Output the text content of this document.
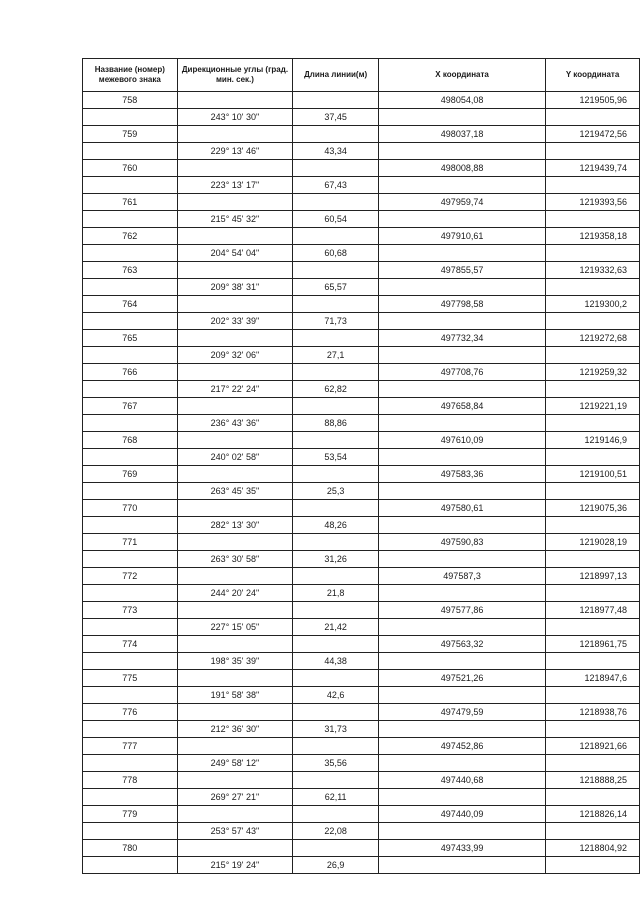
Название (номер) межевого знака	Дирекционные углы (град. мин. сек.)	Длина линии(м)	X координата	Y координата
758			498054,08	1219505,96
	243° 10' 30"	37,45		
759			498037,18	1219472,56
	229° 13' 46"	43,34		
760			498008,88	1219439,74
	223° 13' 17"	67,43		
761			497959,74	1219393,56
	215° 45' 32"	60,54		
762			497910,61	1219358,18
	204° 54' 04"	60,68		
763			497855,57	1219332,63
	209° 38' 31"	65,57		
764			497798,58	1219300,2
	202° 33' 39"	71,73		
765			497732,34	1219272,68
	209° 32' 06"	27,1		
766			497708,76	1219259,32
	217° 22' 24"	62,82		
767			497658,84	1219221,19
	236° 43' 36"	88,86		
768			497610,09	1219146,9
	240° 02' 58"	53,54		
769			497583,36	1219100,51
	263° 45' 35"	25,3		
770			497580,61	1219075,36
	282° 13' 30"	48,26		
771			497590,83	1219028,19
	263° 30' 58"	31,26		
772			497587,3	1218997,13
	244° 20' 24"	21,8		
773			497577,86	1218977,48
	227° 15' 05"	21,42		
774			497563,32	1218961,75
	198° 35' 39"	44,38		
775			497521,26	1218947,6
	191° 58' 38"	42,6		
776			497479,59	1218938,76
	212° 36' 30"	31,73		
777			497452,86	1218921,66
	249° 58' 12"	35,56		
778			497440,68	1218888,25
	269° 27' 21"	62,11		
779			497440,09	1218826,14
	253° 57' 43"	22,08		
780			497433,99	1218804,92
	215° 19' 24"	26,9		
